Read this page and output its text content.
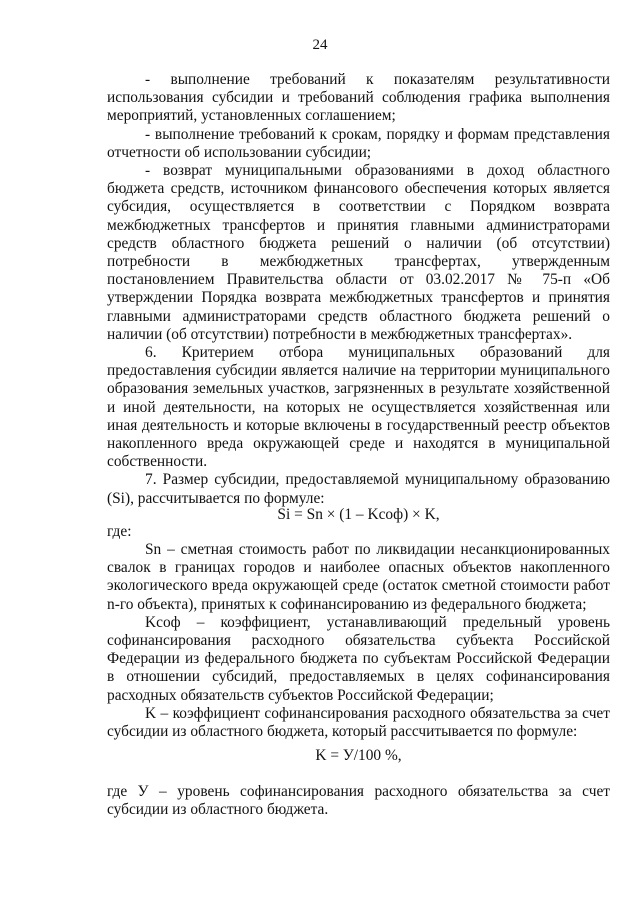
24

- выполнение требований к показателям результативности использования субсидии и требований соблюдения графика выполнения мероприятий, установленных соглашением;

- выполнение требований к срокам, порядку и формам представления отчетности об использовании субсидии;

- возврат муниципальными образованиями в доход областного бюджета средств, источником финансового обеспечения которых является субсидия, осуществляется в соответствии с Порядком возврата межбюджетных трансфертов и принятия главными администраторами средств областного бюджета решений о наличии (об отсутствии) потребности в межбюджетных трансфертах, утвержденным постановлением Правительства области от 03.02.2017 № 75-п «Об утверждении Порядка возврата межбюджетных трансфертов и принятия главными администраторами средств областного бюджета решений о наличии (об отсутствии) потребности в межбюджетных трансфертах».

6. Критерием отбора муниципальных образований для предоставления субсидии является наличие на территории муниципального образования земельных участков, загрязненных в результате хозяйственной и иной деятельности, на которых не осуществляется хозяйственная или иная деятельность и которые включены в государственный реестр объектов накопленного вреда окружающей среде и находятся в муниципальной собственности.

7. Размер субсидии, предоставляемой муниципальному образованию (Si), рассчитывается по формуле:

Si = Sn × (1 – Kсоф) × K,

где:

Sn – сметная стоимость работ по ликвидации несанкционированных свалок в границах городов и наиболее опасных объектов накопленного экологического вреда окружающей среде (остаток сметной стоимости работ n-го объекта), принятых к софинансированию из федерального бюджета;

Kсоф – коэффициент, устанавливающий предельный уровень софинансирования расходного обязательства субъекта Российской Федерации из федерального бюджета по субъектам Российской Федерации в отношении субсидий, предоставляемых в целях софинансирования расходных обязательств субъектов Российской Федерации;

K – коэффициент софинансирования расходного обязательства за счет субсидии из областного бюджета, который рассчитывается по формуле:

K = У/100 %,

где У – уровень софинансирования расходного обязательства за счет субсидии из областного бюджета.
